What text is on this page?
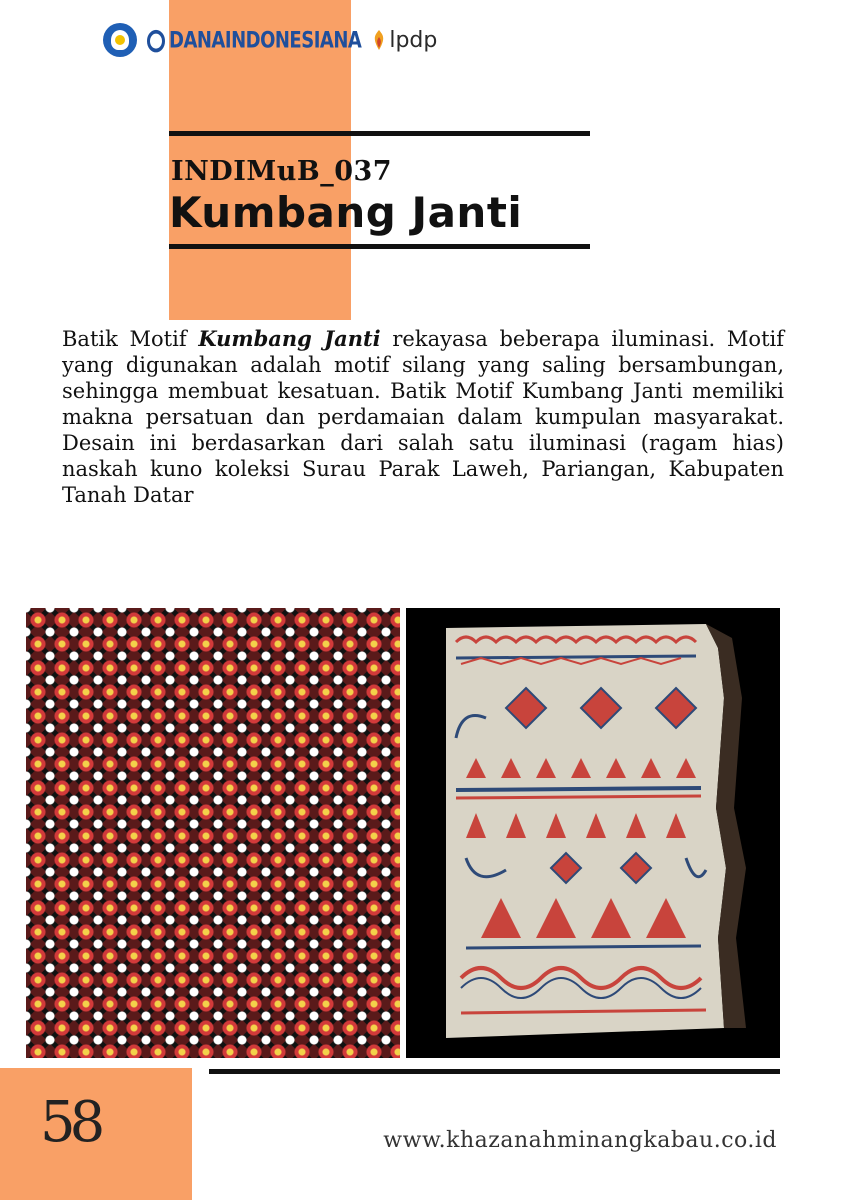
DANAINDONESIANA lpdp
INDIMuB_037
Kumbang Janti

Batik Motif Kumbang Janti rekayasa beberapa iluminasi. Motif yang digunakan adalah motif silang yang saling bersambungan, sehingga membuat kesatuan. Batik Motif Kumbang Janti memiliki makna persatuan dan perdamaian dalam kumpulan masyarakat. Desain ini berdasarkan dari salah satu iluminasi (ragam hias) naskah kuno koleksi Surau Parak Laweh, Pariangan, Kabupaten Tanah Datar

58	www.khazanahminangkabau.co.id
